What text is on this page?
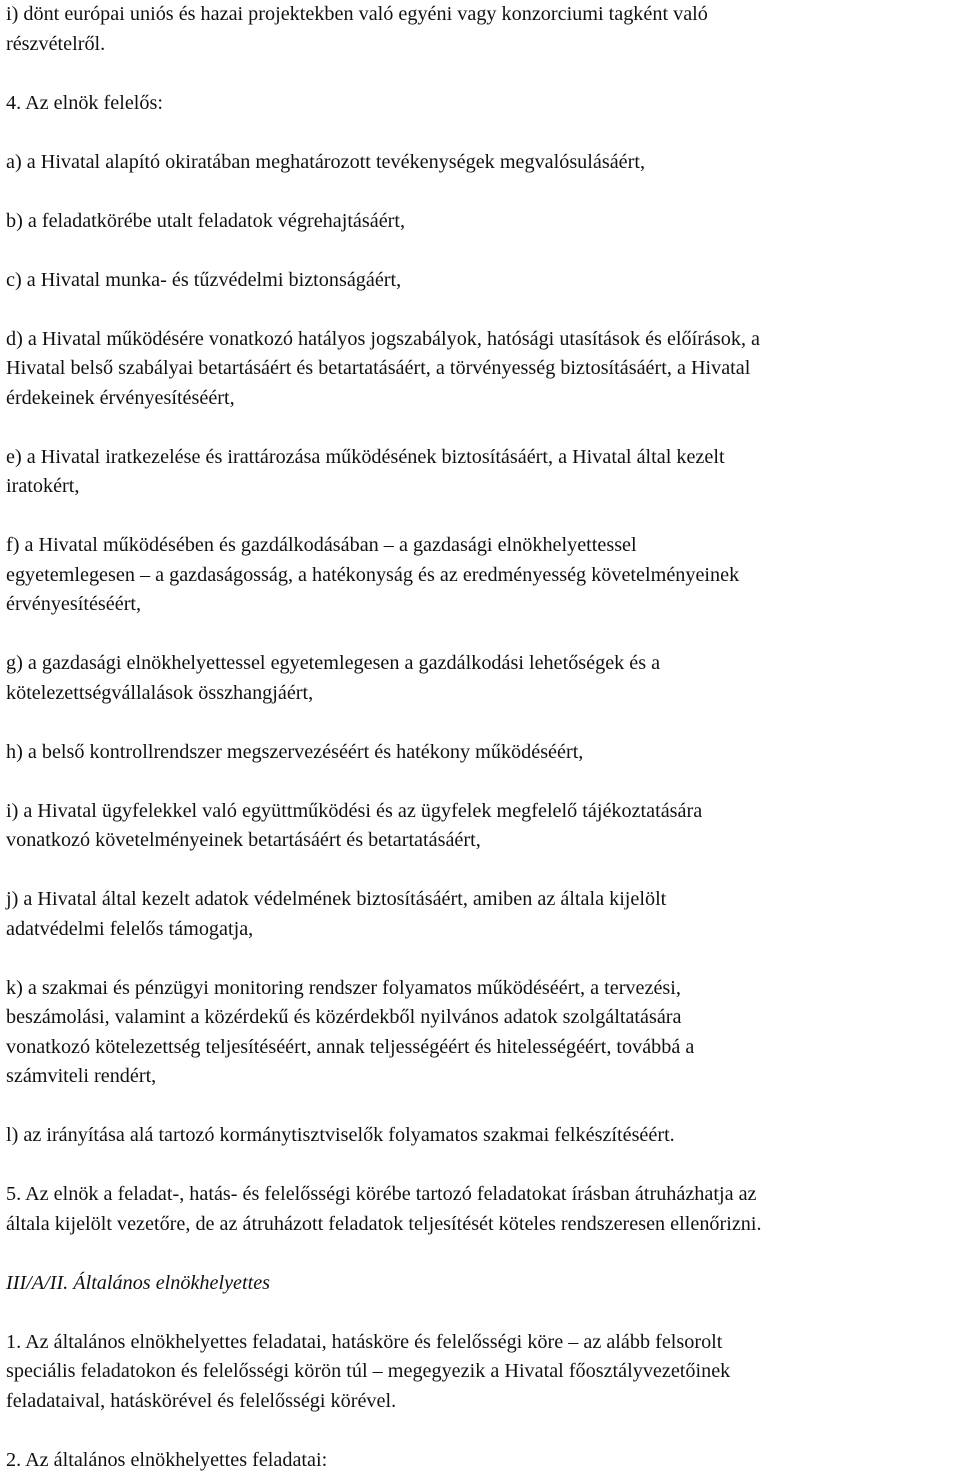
i) dönt európai uniós és hazai projektekben való egyéni vagy konzorciumi tagként való
részvételről.

4. Az elnök felelős:

a) a Hivatal alapító okiratában meghatározott tevékenységek megvalósulásáért,

b) a feladatkörébe utalt feladatok végrehajtásáért,

c) a Hivatal munka- és tűzvédelmi biztonságáért,

d) a Hivatal működésére vonatkozó hatályos jogszabályok, hatósági utasítások és előírások, a
Hivatal belső szabályai betartásáért és betartatásáért, a törvényesség biztosításáért, a Hivatal
érdekeinek érvényesítéséért,

e) a Hivatal iratkezelése és irattározása működésének biztosításáért, a Hivatal által kezelt
iratokért,

f) a Hivatal működésében és gazdálkodásában – a gazdasági elnökhelyettessel
egyetemlegesen – a gazdaságosság, a hatékonyság és az eredményesség követelményeinek
érvényesítéséért,

g) a gazdasági elnökhelyettessel egyetemlegesen a gazdálkodási lehetőségek és a
kötelezettségvállalások összhangjáért,

h) a belső kontrollrendszer megszervezéséért és hatékony működéséért,

i) a Hivatal ügyfelekkel való együttműködési és az ügyfelek megfelelő tájékoztatására
vonatkozó követelményeinek betartásáért és betartatásáért,

j) a Hivatal által kezelt adatok védelmének biztosításáért, amiben az általa kijelölt
adatvédelmi felelős támogatja,

k) a szakmai és pénzügyi monitoring rendszer folyamatos működéséért, a tervezési,
beszámolási, valamint a közérdekű és közérdekből nyilvános adatok szolgáltatására
vonatkozó kötelezettség teljesítéséért, annak teljességéért és hitelességéért, továbbá a
számviteli rendért,

l) az irányítása alá tartozó kormánytisztviselők folyamatos szakmai felkészítéséért.

5. Az elnök a feladat-, hatás- és felelősségi körébe tartozó feladatokat írásban átruházhatja az
általa kijelölt vezetőre, de az átruházott feladatok teljesítését köteles rendszeresen ellenőrizni.

III/A/II. Általános elnökhelyettes

1. Az általános elnökhelyettes feladatai, hatásköre és felelősségi köre – az alább felsorolt
speciális feladatokon és felelősségi körön túl – megegyezik a Hivatal főosztályvezetőinek
feladataival, hatáskörével és felelősségi körével.

2. Az általános elnökhelyettes feladatai:
